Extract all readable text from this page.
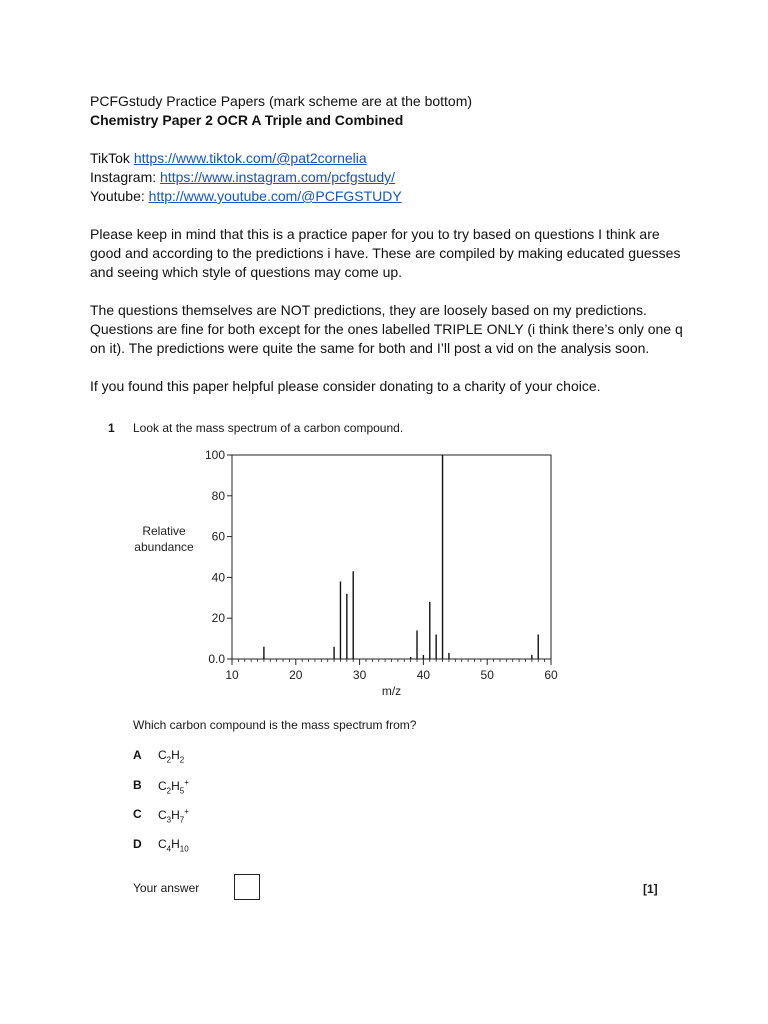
PCFGstudy Practice Papers (mark scheme are at the bottom)

Chemistry Paper 2 OCR A Triple and Combined

TikTok https://www.tiktok.com/@pat2cornelia

Instagram: https://www.instagram.com/pcfgstudy/

Youtube: http://www.youtube.com/@PCFGSTUDY

Please keep in mind that this is a practice paper for you to try based on questions I think are good and according to the predictions i have. These are compiled by making educated guesses and seeing which style of questions may come up.

The questions themselves are NOT predictions, they are loosely based on my predictions. Questions are fine for both except for the ones labelled TRIPLE ONLY (i think there’s only one q on it). The predictions were quite the same for both and I’ll post a vid on the analysis soon.

If you found this paper helpful please consider donating to a charity of your choice.

1 Look at the mass spectrum of a carbon compound.
0.0
20
40
60
80
100
10	20	30	40	50	60
m/z
Relative
abundance
Which carbon compound is the mass spectrum from?
A $C_2H_2$
B $C_2H_5^+$
C $C_3H_7^+$
D $C_4H_{10}$
Your answer	[1]
